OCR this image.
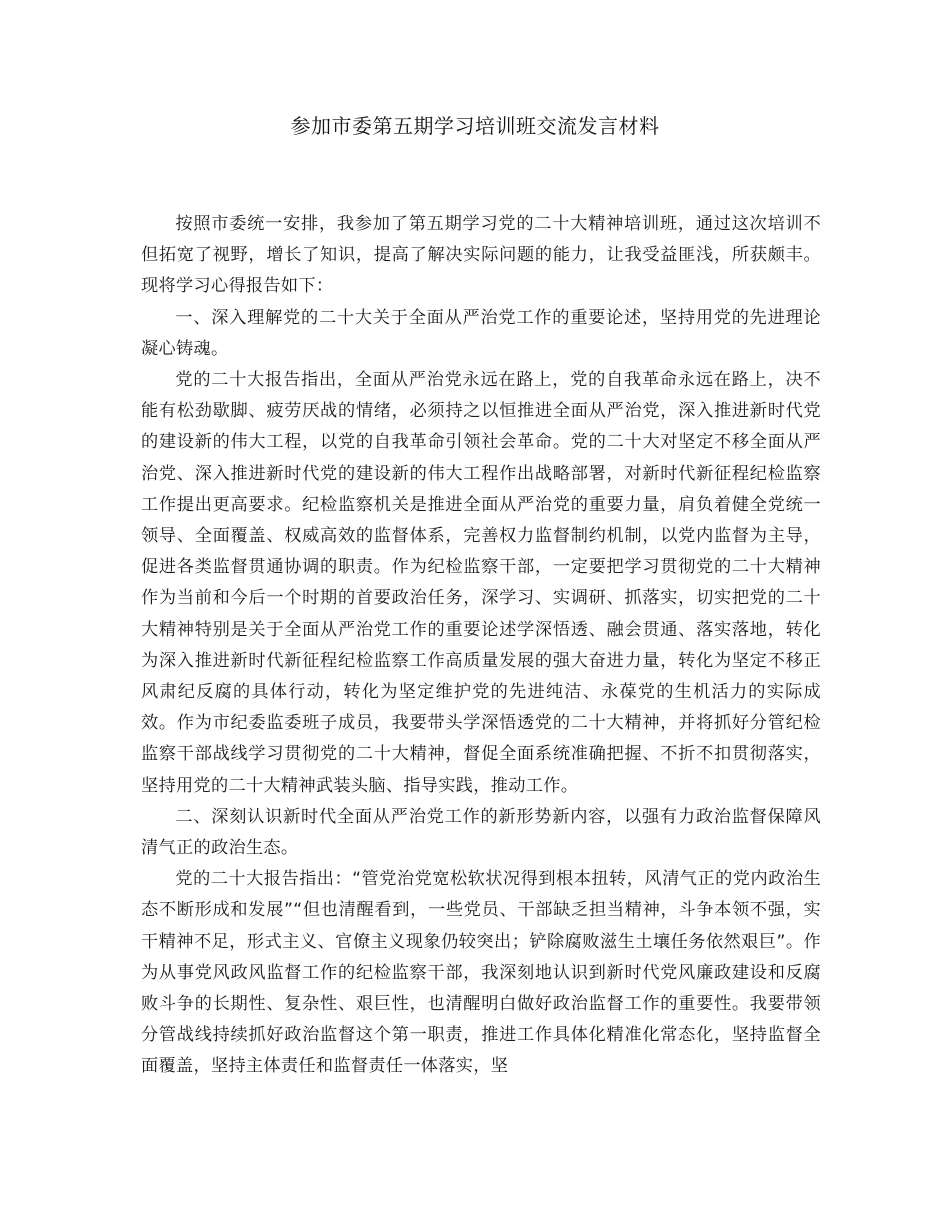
参加市委第五期学习培训班交流发言材料

按照市委统一安排，我参加了第五期学习党的二十大精神培训班，通过这次培训不但拓宽了视野，增长了知识，提高了解决实际问题的能力，让我受益匪浅，所获颇丰。现将学习心得报告如下：

一、深入理解党的二十大关于全面从严治党工作的重要论述，坚持用党的先进理论凝心铸魂。

党的二十大报告指出，全面从严治党永远在路上，党的自我革命永远在路上，决不能有松劲歇脚、疲劳厌战的情绪，必须持之以恒推进全面从严治党，深入推进新时代党的建设新的伟大工程，以党的自我革命引领社会革命。党的二十大对坚定不移全面从严治党、深入推进新时代党的建设新的伟大工程作出战略部署，对新时代新征程纪检监察工作提出更高要求。纪检监察机关是推进全面从严治党的重要力量，肩负着健全党统一领导、全面覆盖、权威高效的监督体系，完善权力监督制约机制，以党内监督为主导，促进各类监督贯通协调的职责。作为纪检监察干部，一定要把学习贯彻党的二十大精神作为当前和今后一个时期的首要政治任务，深学习、实调研、抓落实，切实把党的二十大精神特别是关于全面从严治党工作的重要论述学深悟透、融会贯通、落实落地，转化为深入推进新时代新征程纪检监察工作高质量发展的强大奋进力量，转化为坚定不移正风肃纪反腐的具体行动，转化为坚定维护党的先进纯洁、永葆党的生机活力的实际成效。作为市纪委监委班子成员，我要带头学深悟透党的二十大精神，并将抓好分管纪检监察干部战线学习贯彻党的二十大精神，督促全面系统准确把握、不折不扣贯彻落实，坚持用党的二十大精神武装头脑、指导实践，推动工作。

二、深刻认识新时代全面从严治党工作的新形势新内容，以强有力政治监督保障风清气正的政治生态。

党的二十大报告指出：“管党治党宽松软状况得到根本扭转，风清气正的党内政治生态不断形成和发展”“但也清醒看到，一些党员、干部缺乏担当精神，斗争本领不强，实干精神不足，形式主义、官僚主义现象仍较突出；铲除腐败滋生土壤任务依然艰巨”。作为从事党风政风监督工作的纪检监察干部，我深刻地认识到新时代党风廉政建设和反腐败斗争的长期性、复杂性、艰巨性，也清醒明白做好政治监督工作的重要性。我要带领分管战线持续抓好政治监督这个第一职责，推进工作具体化精准化常态化，坚持监督全面覆盖，坚持主体责任和监督责任一体落实，坚
